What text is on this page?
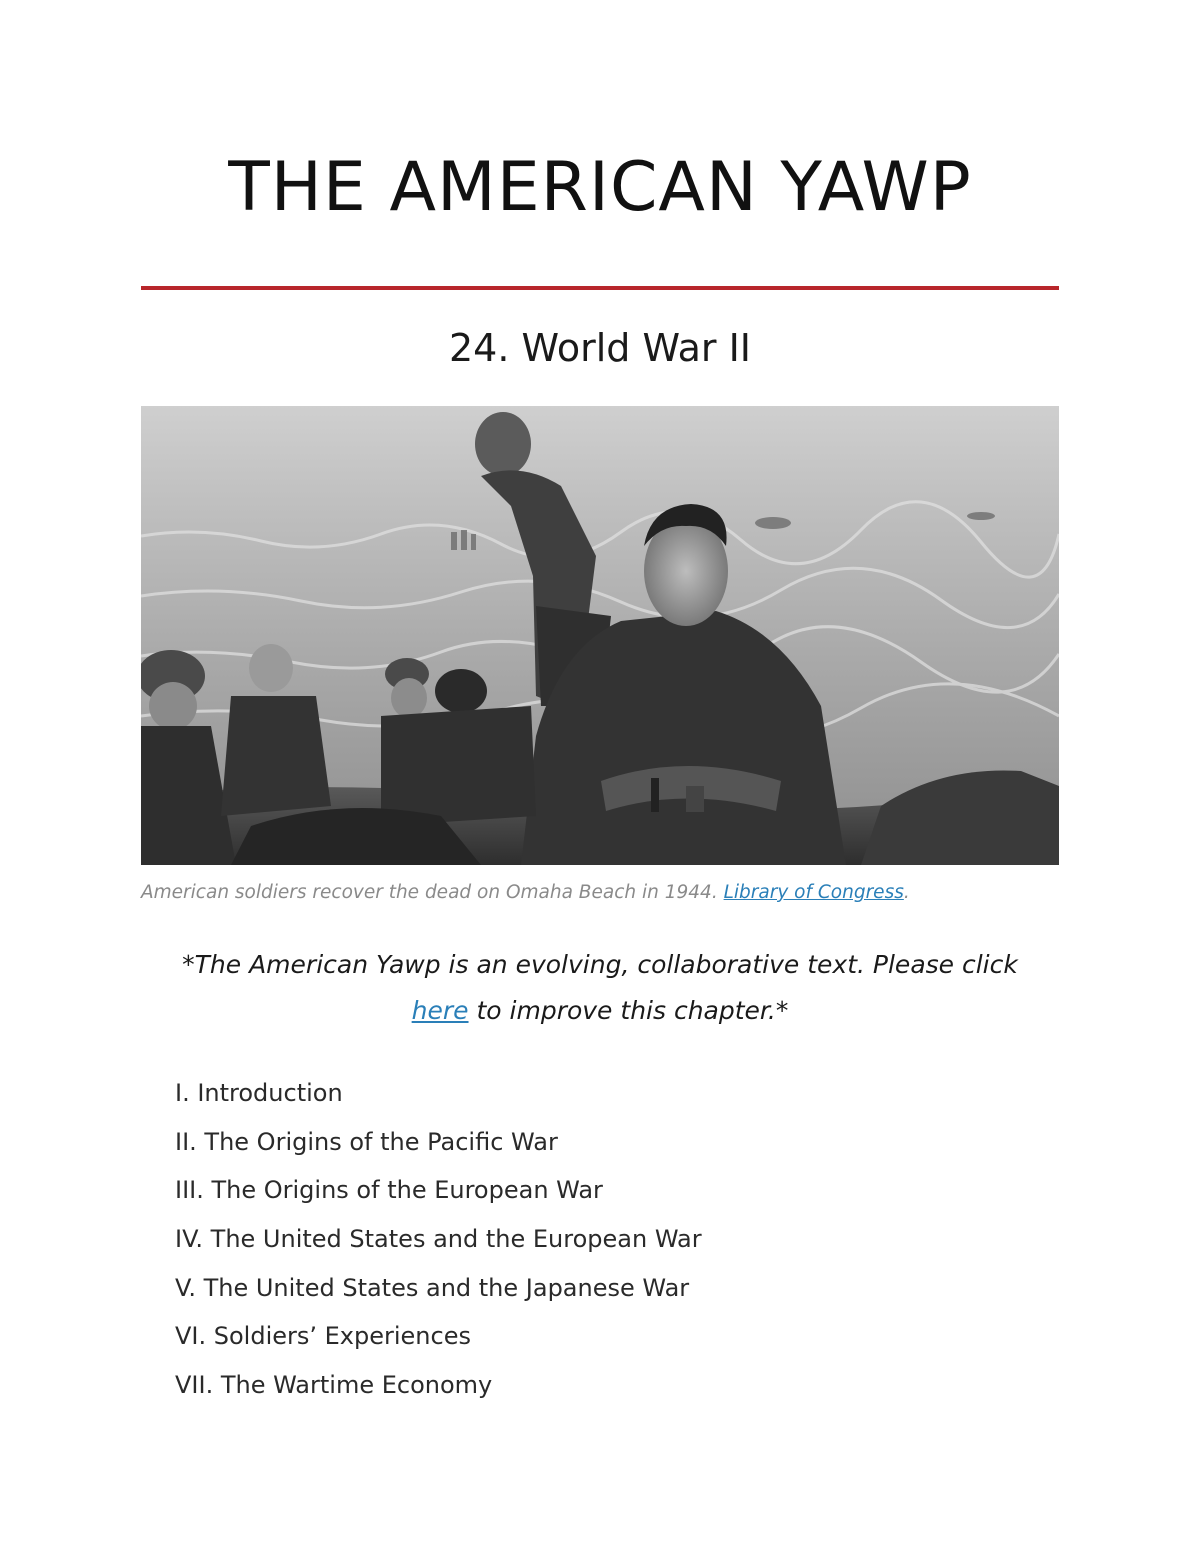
THE AMERICAN YAWP
24. World War II
American soldiers recover the dead on Omaha Beach in 1944. Library of Congress.
*The American Yawp is an evolving, collaborative text. Please click
here to improve this chapter.*
I. Introduction
II. The Origins of the Pacific War
III. The Origins of the European War
IV. The United States and the European War
V. The United States and the Japanese War
VI. Soldiers’ Experiences
VII. The Wartime Economy
